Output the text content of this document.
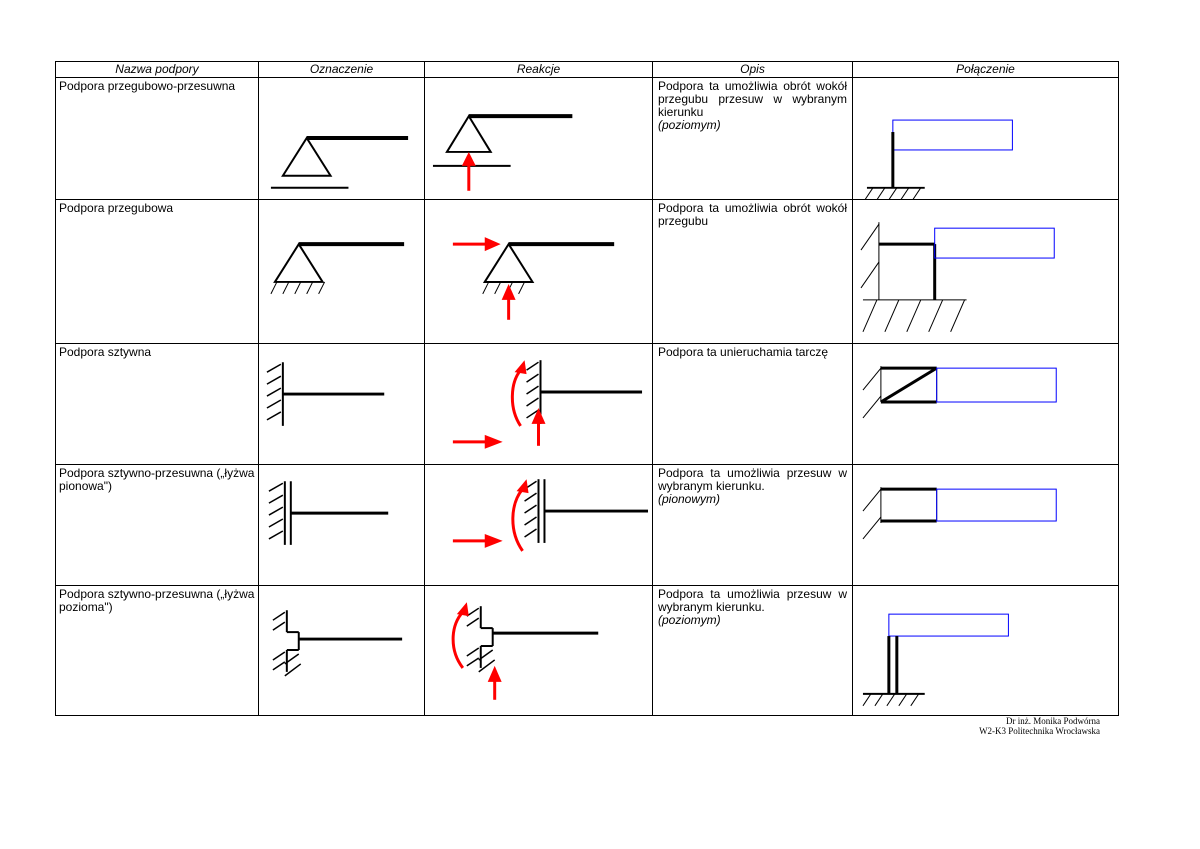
Nazwa podpory	Oznaczenie	Reakcje	Opis	Połączenie
Podpora przegubowo-przesuwna			Podpora ta umożliwia obrót wokół przegubu przesuw w wybranym kierunku
(poziomym)

Podpora przegubowa			Podpora ta umożliwia obrót wokół przegubu

Podpora sztywna			Podpora ta unieruchamia tarczę

Podpora sztywno-przesuwna („łyżwa pionowa")			Podpora ta umożliwia przesuw w wybranym kierunku.
(pionowym)

Podpora sztywno-przesuwna („łyżwa pozioma")			Podpora ta umożliwia przesuw w wybranym kierunku.
(poziomym)

Dr inż. Monika Podwórna
W2-K3 Politechnika Wrocławska
